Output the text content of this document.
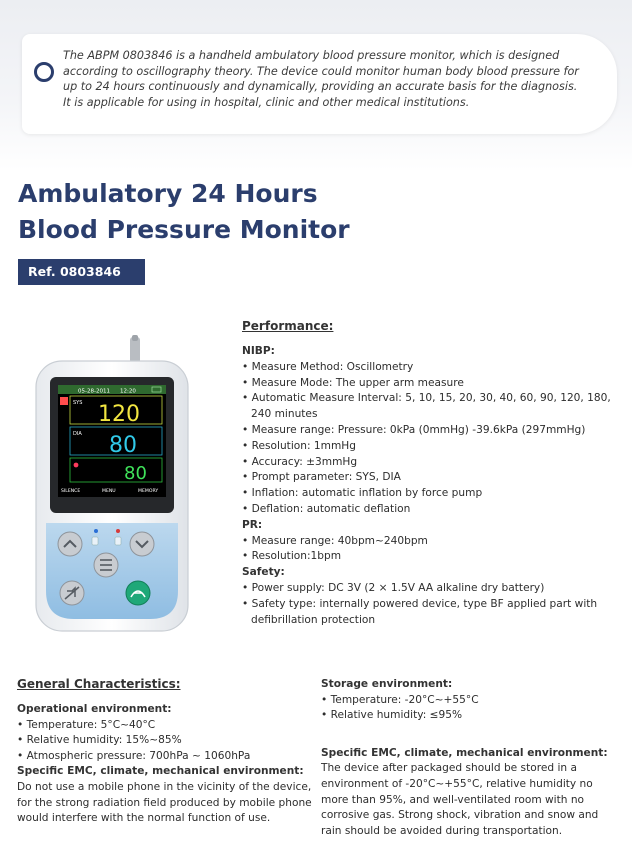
The ABPM 0803846 is a handheld ambulatory blood pressure monitor, which is designed according to oscillography theory. The device could monitor human body blood pressure for up to 24 hours continuously and dynamically, providing an accurate basis for the diagnosis. It is applicable for using in hospital, clinic and other medical institutions.
Ambulatory 24 Hours
Blood Pressure Monitor
Ref. 0803846
05-28-2011 12:20
SYS 120
DIA 80
80
SILENCE	MENU	MEMORY
Performance:
NIBP:
• Measure Method: Oscillometry
• Measure Mode: The upper arm measure
• Automatic Measure Interval: 5, 10, 15, 20, 30, 40, 60, 90, 120, 180, 240 minutes
• Measure range: Pressure: 0kPa (0mmHg) -39.6kPa (297mmHg)
• Resolution: 1mmHg
• Accuracy: ±3mmHg
• Prompt parameter: SYS, DIA
• Inflation: automatic inflation by force pump
• Deflation: automatic deflation
PR:
• Measure range: 40bpm~240bpm
• Resolution:1bpm
Safety:
• Power supply: DC 3V (2 × 1.5V AA alkaline dry battery)
• Safety type: internally powered device, type BF applied part with defibrillation protection
General Characteristics:
Operational environment:
• Temperature: 5°C~40°C
• Relative humidity: 15%~85%
• Atmospheric pressure: 700hPa ~ 1060hPa
Specific EMC, climate, mechanical environment:

Do not use a mobile phone in the vicinity of the device, for the strong radiation field produced by mobile phone would interfere with the normal function of use.

Storage environment:
• Temperature: -20°C~+55°C
• Relative humidity: ≤95%
Specific EMC, climate, mechanical environment:

The device after packaged should be stored in a environment of -20°C~+55°C, relative humidity no more than 95%, and well-ventilated room with no corrosive gas. Strong shock, vibration and snow and rain should be avoided during transportation.
